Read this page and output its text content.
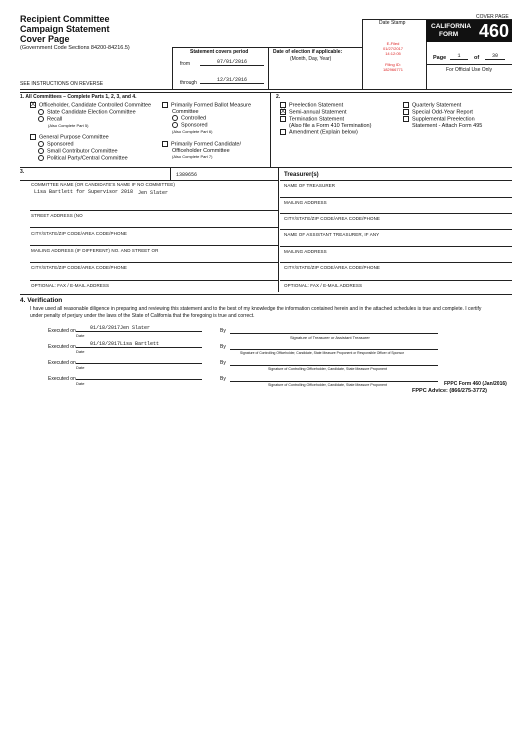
COVER PAGE
Recipient Committee
Campaign Statement
Cover Page
(Government Code Sections 84200-84216.5)
SEE INSTRUCTIONS ON REVERSE
Date Stamp
E-Filed
01/27/2017
14:12:05
Filing ID:
182966771
CALIFORNIA
FORM 460
Statement covers period
from	07/01/2016
through	12/31/2016
Date of election if applicable:
(Month, Day, Year)	Page	1	of	30
For Official Use Only
1. All Committees – Complete Parts 1, 2, 3, and 4.
X Officeholder, Candidate Controlled Committee
State Candidate Election Committee
Recall
(Also Complete Part 5)
General Purpose Committee
Sponsored
Small Contributor Committee
Political Party/Central Committee
Primarily Formed Ballot Measure
Committee
Controlled
Sponsored
(Also Complete Part 6)
Primarily Formed Candidate/
Officeholder Committee
(Also Complete Part 7)
2.
Preelection Statement
X Semi-annual Statement
Termination Statement
(Also file a Form 410 Termination)
Amendment (Explain below)
Quarterly Statement
Special Odd-Year Report
Supplemental Preelection
Statement - Attach Form 495
3.	1389656
COMMITTEE NAME (OR CANDIDATE'S NAME IF NO COMMITTEE)
Lisa Bartlett for Supervisor 2018
STREET ADDRESS (NO
CITY/STATE/ZIP CODE/AREA CODE/PHONE
MAILING ADDRESS (IF DIFFERENT) NO. AND STREET OR
CITY/STATE/ZIP CODE/AREA CODE/PHONE
OPTIONAL: FAX / E-MAIL ADDRESS
Treasurer(s)
Jen Slater
NAME OF TREASURER
MAILING ADDRESS
CITY/STATE/ZIP CODE/AREA CODE/PHONE
NAME OF ASSISTANT TREASURER, IF ANY
MAILING ADDRESS
CITY/STATE/ZIP CODE/AREA CODE/PHONE
OPTIONAL: FAX / E-MAIL ADDRESS
4. Verification
I have used all reasonable diligence in preparing and reviewing this statement and to the best of my knowledge the information contained herein and in the attached schedules is true and complete. I certify
under penalty of perjury under the laws of the State of California that the foregoing is true and correct.
Executed on	01/18/2017Jen Slater
Date
By
Signature of Treasurer or Assistant Treasurer
Executed on	01/18/2017Lisa Bartlett
Date
By
Signature of Controlling Officeholder, Candidate, State Measure Proponent or Responsible Officer of Sponsor
Executed on
Date
By
Signature of Controlling Officeholder, Candidate, State Measure Proponent
Executed on
Date
By
Signature of Controlling Officeholder, Candidate, State Measure Proponent	FPPC Form 460 (Jan/2016)
FPPC Advice: (866/275-3772)
